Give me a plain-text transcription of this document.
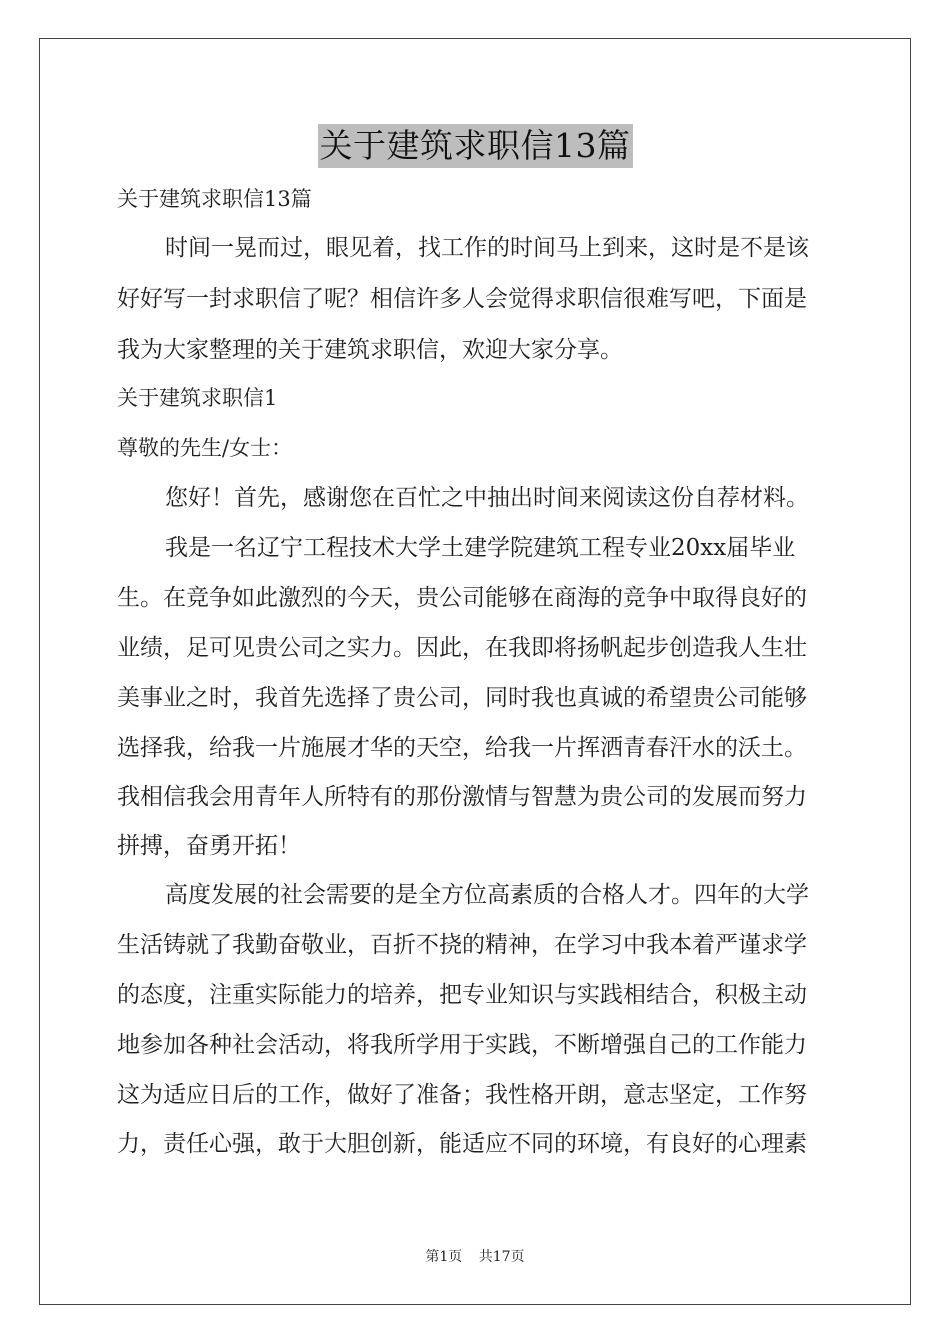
关于建筑求职信13篇
关于建筑求职信13篇
时间一晃而过，眼见着，找工作的时间马上到来，这时是不是该
好好写一封求职信了呢？相信许多人会觉得求职信很难写吧，下面是
我为大家整理的关于建筑求职信，欢迎大家分享。
关于建筑求职信1
尊敬的先生/女士：
您好！首先，感谢您在百忙之中抽出时间来阅读这份自荐材料。
我是一名辽宁工程技术大学土建学院建筑工程专业20xx届毕业
生。在竞争如此激烈的今天，贵公司能够在商海的竞争中取得良好的
业绩，足可见贵公司之实力。因此，在我即将扬帆起步创造我人生壮
美事业之时，我首先选择了贵公司，同时我也真诚的希望贵公司能够
选择我，给我一片施展才华的天空，给我一片挥洒青春汗水的沃土。
我相信我会用青年人所特有的那份激情与智慧为贵公司的发展而努力
拼搏，奋勇开拓！
高度发展的社会需要的是全方位高素质的合格人才。四年的大学
生活铸就了我勤奋敬业，百折不挠的精神，在学习中我本着严谨求学
的态度，注重实际能力的培养，把专业知识与实践相结合，积极主动
地参加各种社会活动，将我所学用于实践，不断增强自己的工作能力
这为适应日后的工作，做好了准备；我性格开朗，意志坚定，工作努
力，责任心强，敢于大胆创新，能适应不同的环境，有良好的心理素
第1页 共17页
